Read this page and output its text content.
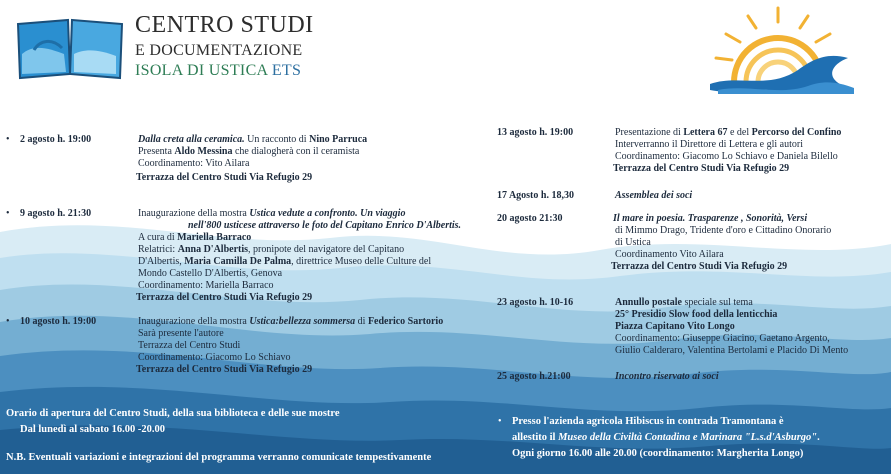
CENTRO STUDI
E DOCUMENTAZIONE
ISOLA DI USTICA ETS
• 2 agosto h. 19:00	Dalla creta alla ceramica. Un racconto di Nino Parruca
Presenta Aldo Messina che dialogherà con il ceramista
Coordinamento: Vito Ailara
Terrazza del Centro Studi Via Refugio 29
• 9 agosto h. 21:30	Inaugurazione della mostra Ustica vedute a confronto. Un viaggio
nell'800 usticese attraverso le foto del Capitano Enrico D'Albertis.
A cura di Mariella Barraco
Relatrici: Anna D'Albertis, pronipote del navigatore del Capitano
D'Albertis, Maria Camilla De Palma, direttrice Museo delle Culture del
Mondo Castello D'Albertis, Genova
Coordinamento: Mariella Barraco
Terrazza del Centro Studi Via Refugio 29
• 10 agosto h. 19:00	Inaugurazione della mostra Ustica:bellezza sommersa di Federico Sartorio
Sarà presente l'autore
Terrazza del Centro Studi
Coordinamento: Giacomo Lo Schiavo
Terrazza del Centro Studi Via Refugio 29
13 agosto h. 19:00	Presentazione di Lettera 67 e del Percorso del Confino
Interverranno il Direttore di Lettera e gli autori
Coordinamento: Giacomo Lo Schiavo e Daniela Bilello
Terrazza del Centro Studi Via Refugio 29
17 Agosto h. 18,30	Assemblea dei soci
20 agosto 21:30	Il mare in poesia. Trasparenze , Sonorità, Versi
di Mimmo Drago, Tridente d'oro e Cittadino Onorario
di Ustica
Coordinamento Vito Ailara
Terrazza del Centro Studi Via Refugio 29
23 agosto h. 10-16	Annullo postale speciale sul tema
25° Presidio Slow food della lenticchia
Piazza Capitano Vito Longo
Coordinamento: Giuseppe Giacino, Gaetano Argento,
Giulio Calderaro, Valentina Bertolami e Placido Di Mento
25 agosto h.21:00	Incontro riservato ai soci
Orario di apertura del Centro Studi, della sua biblioteca e delle sue mostre
Dal lunedì al sabato 16.00 -20.00
N.B. Eventuali variazioni e integrazioni del programma verranno comunicate tempestivamente
• Presso l'azienda agricola Hibiscus in contrada Tramontana è
allestito il Museo della Civiltà Contadina e Marinara "L.s.d'Asburgo".
Ogni giorno 16.00 alle 20.00 (coordinamento: Margherita Longo)
